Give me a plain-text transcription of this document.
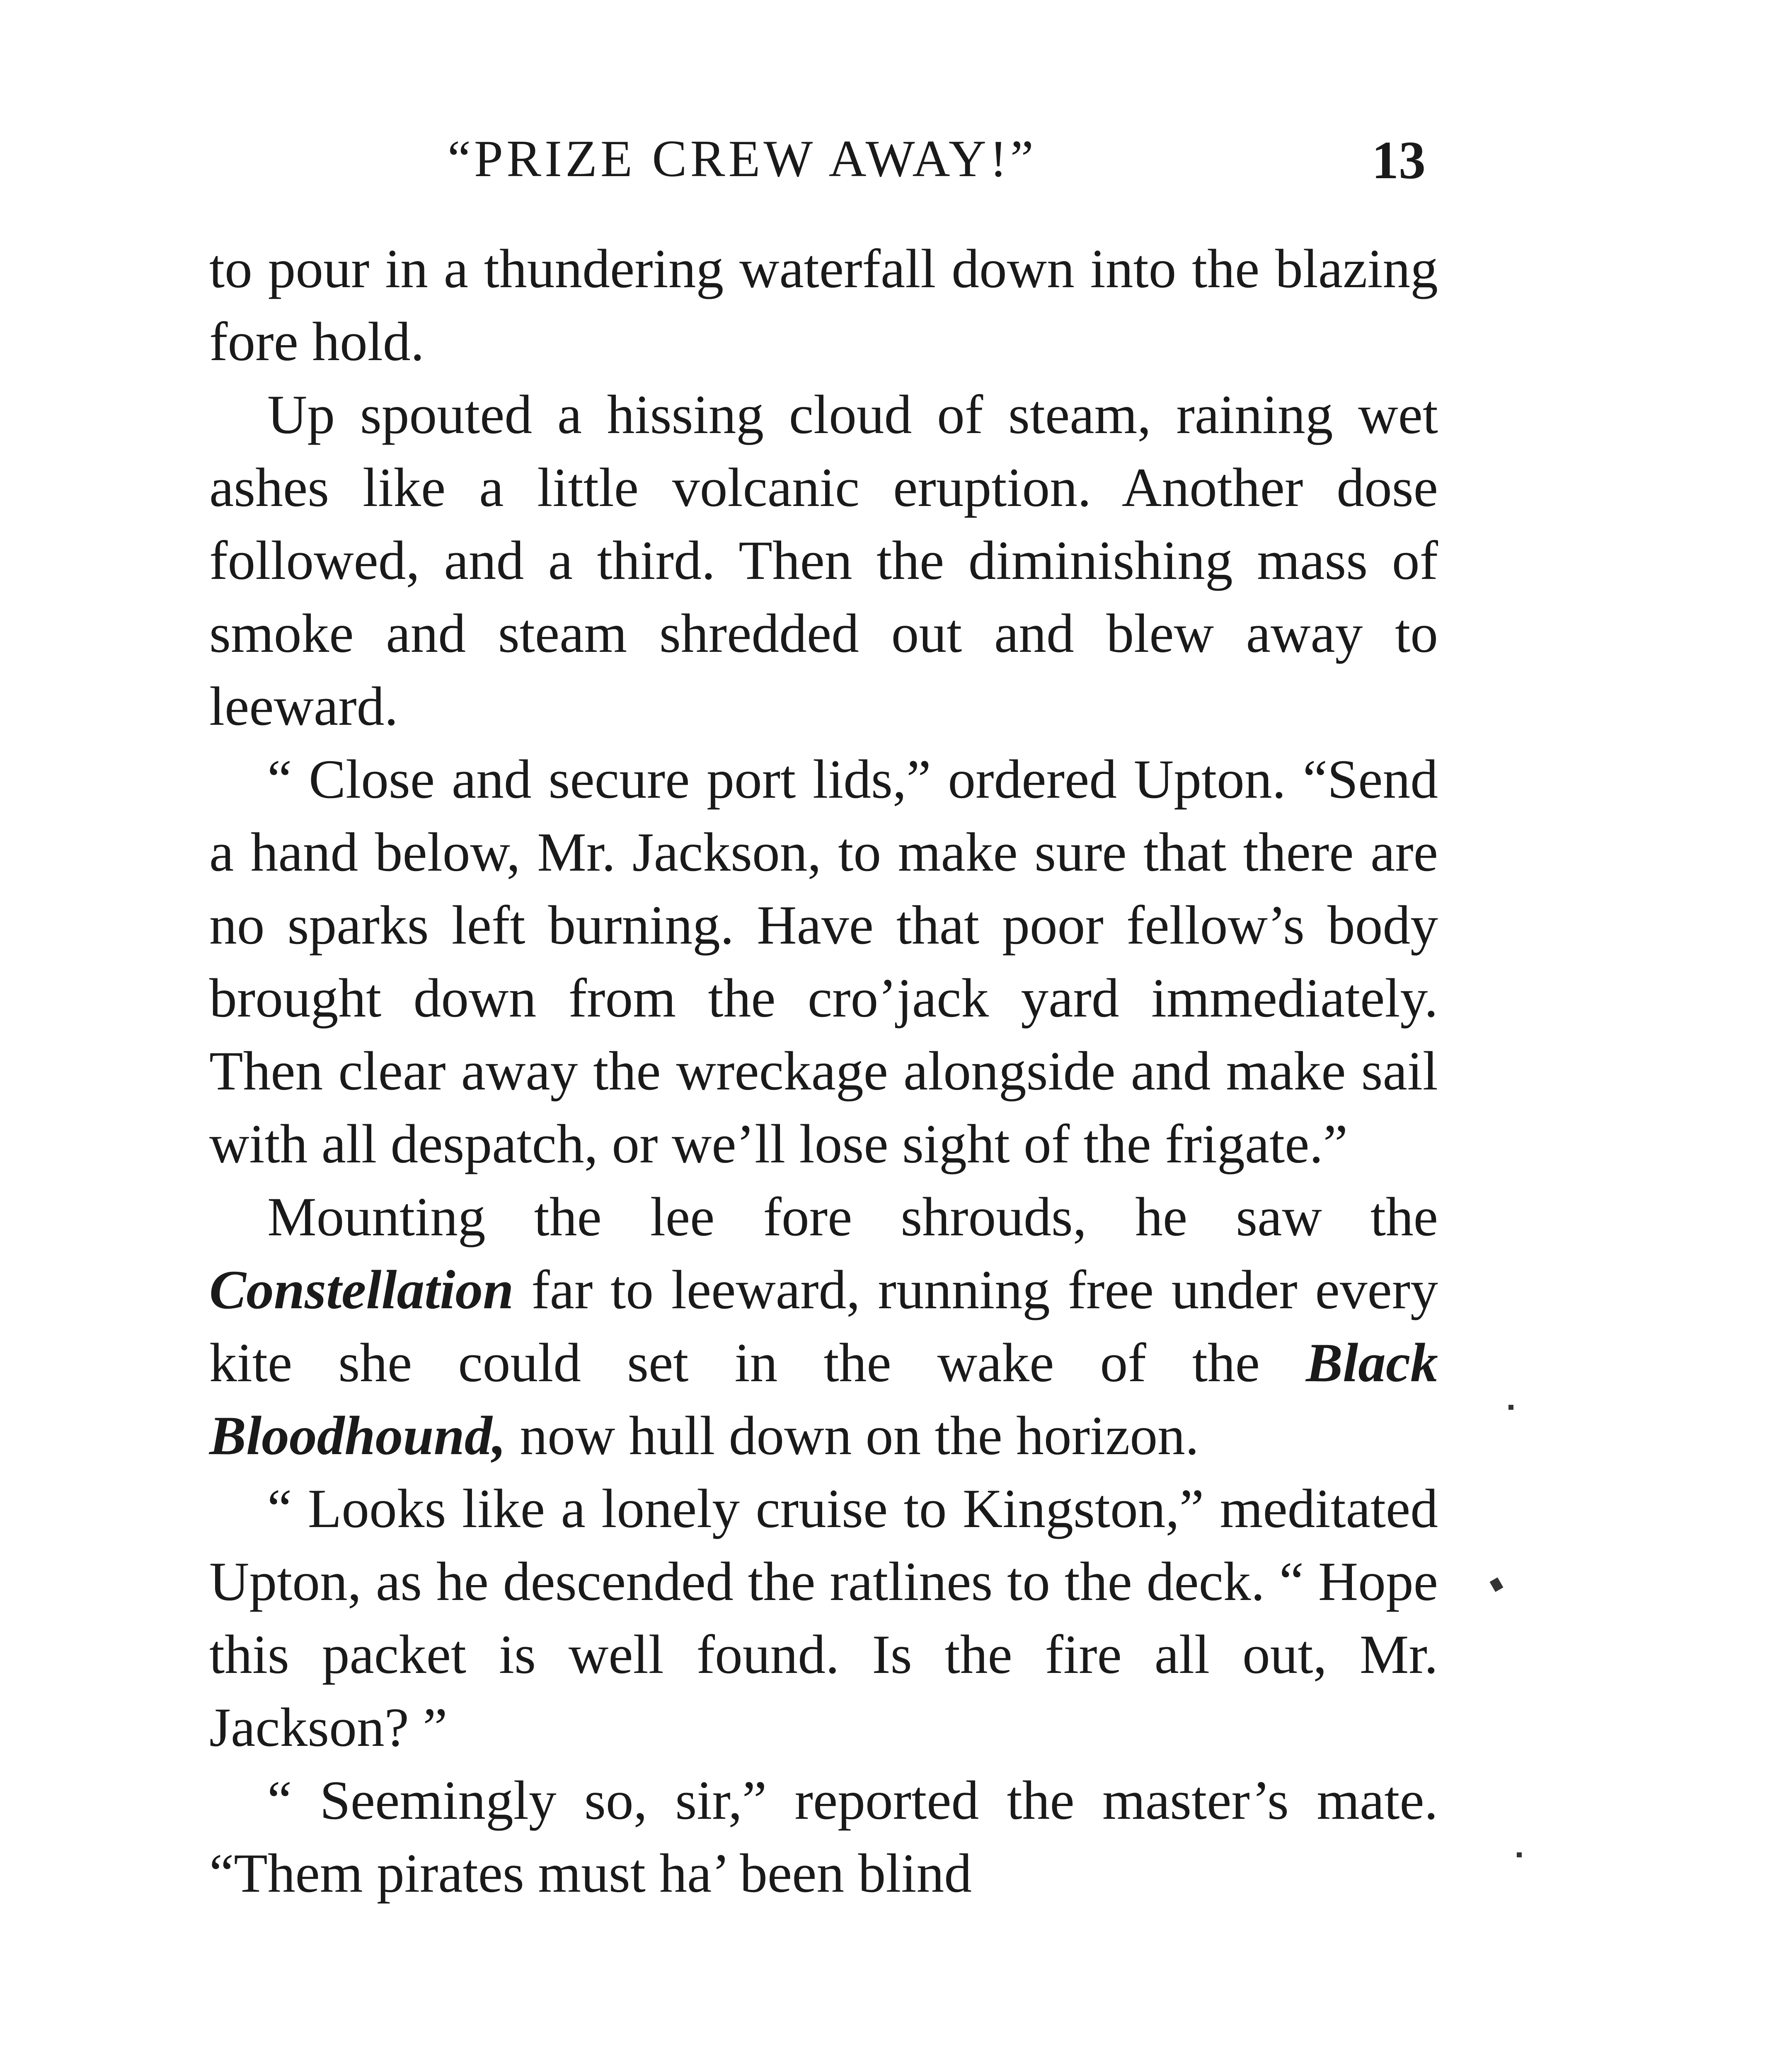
“PRIZE CREW AWAY!”	13

to pour in a thundering waterfall down into the blazing fore hold.

Up spouted a hissing cloud of steam, raining wet ashes like a little volcanic eruption. Another dose followed, and a third. Then the diminishing mass of smoke and steam shredded out and blew away to leeward.

“ Close and secure port lids,” ordered Upton. “Send a hand below, Mr. Jackson, to make sure that there are no sparks left burning. Have that poor fellow’s body brought down from the cro’jack yard immediately. Then clear away the wreckage alongside and make sail with all despatch, or we’ll lose sight of the frigate.”

Mounting the lee fore shrouds, he saw the Constellation far to leeward, running free under every kite she could set in the wake of the Black Bloodhound, now hull down on the horizon.

“ Looks like a lonely cruise to Kingston,” meditated Upton, as he descended the ratlines to the deck. “ Hope this packet is well found. Is the fire all out, Mr. Jackson? ”

“ Seemingly so, sir,” reported the master’s mate. “Them pirates must ha’ been blind
